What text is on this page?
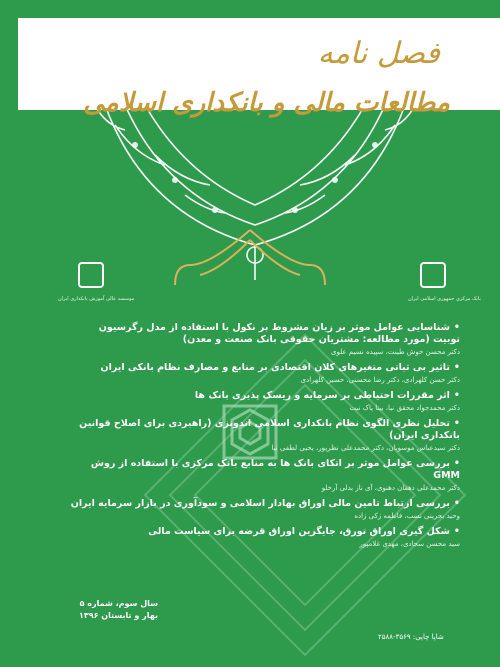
فصل نامه
مطالعات مالی و بانکداری اسلامی
موسسه عالی آموزش بانکداری ایران	بانک مرکزی جمهوری اسلامی ایران
•شناسایی عوامل موثر بر زیان مشروط بر نکول با استفاده از مدل رگرسیون توبیت (مورد مطالعه: مشتریان حقوقی بانک صنعت و معدن)
دکتر محسن خوش طینت، سپیده نسیم علوی
•تاثیر بی ثباتی متغیرهای کلان اقتصادی بر منابع و مصارف نظام بانکی ایران
دکتر حسن کلهرادی، دکتر رضا محسنی، حسین کلهرادی
•اثر مقررات احتیاطی بر سرمایه و ریسک پذیری بانک ها
دکتر محمدجواد محقق نیا، بیتا پاک نیت
•تحلیل نظری الگوی نظام بانکداری اسلامی اندونزی (راهبردی برای اصلاح قوانین بانکداری ایران)
دکتر سیدعباس موسویان، دکتر محمدعلی نظرپور، یحیی لطفی نیا
•بررسی عوامل موثر بر اتکای بانک ها به منابع بانک مرکزی با استفاده از روش GMM
دکتر محمدعلی دهقان دهنوی، آی ناز بدلی آرخلو
•بررسی ارتباط تامین مالی اوراق بهادار اسلامی و سودآوری در بازار سرمایه ایران
وحید بحرینی نسب، فاطمه زکی زاده
•شکل گیری اوراق تورق، جایگزین اوراق قرضه برای سیاست مالی
سید محسن سجادی، مهدی غلامپور
سال سوم، شماره ۵
بهار و تابستان ۱۳۹۶
شاپا چاپی: ۳۵۶۹-۲۵۸۸
